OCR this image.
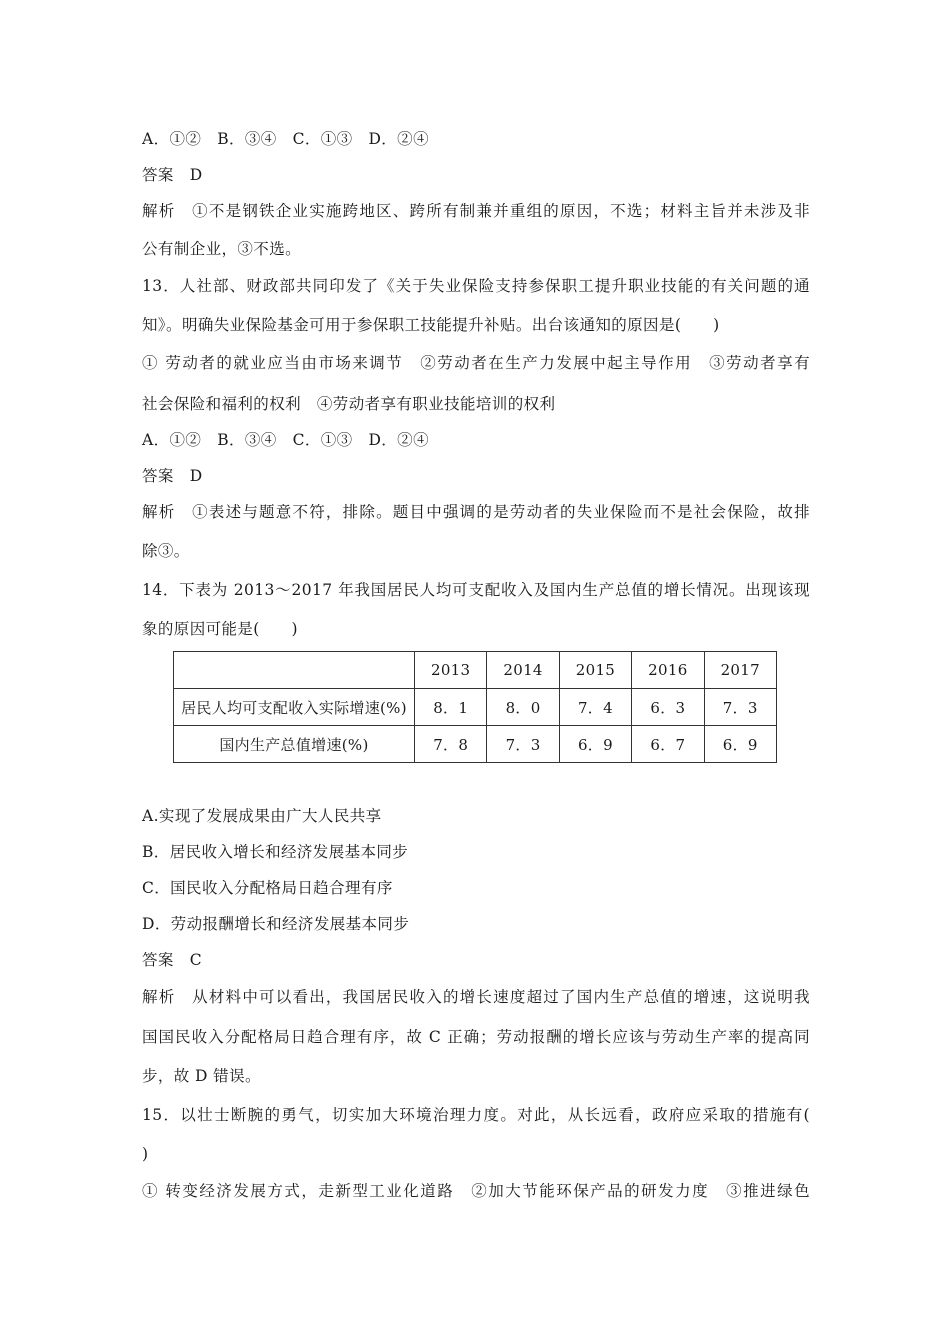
A．①②　B．③④　C．①③　D．②④
答案　D
解析　①不是钢铁企业实施跨地区、跨所有制兼并重组的原因，不选；材料主旨并未涉及非
公有制企业，③不选。
13．人社部、财政部共同印发了《关于失业保险支持参保职工提升职业技能的有关问题的通
知》。明确失业保险基金可用于参保职工技能提升补贴。出台该通知的原因是(　　)
① 劳动者的就业应当由市场来调节　②劳动者在生产力发展中起主导作用　③劳动者享有
社会保险和福利的权利　④劳动者享有职业技能培训的权利
A．①②　B．③④　C．①③　D．②④
答案　D
解析　①表述与题意不符，排除。题目中强调的是劳动者的失业保险而不是社会保险，故排
除③。
14．下表为 2013～2017 年我国居民人均可支配收入及国内生产总值的增长情况。出现该现
象的原因可能是(　　)
	2013	2014	2015	2016	2017
居民人均可支配收入实际增速(%)	8．1	8．0	7．4	6．3	7．3
国内生产总值增速(%)	7．8	7．3	6．9	6．7	6．9
A.实现了发展成果由广大人民共享
B．居民收入增长和经济发展基本同步
C．国民收入分配格局日趋合理有序
D．劳动报酬增长和经济发展基本同步
答案　C
解析　从材料中可以看出，我国居民收入的增长速度超过了国内生产总值的增速，这说明我
国国民收入分配格局日趋合理有序，故 C 正确；劳动报酬的增长应该与劳动生产率的提高同
步，故 D 错误。
15．以壮士断腕的勇气，切实加大环境治理力度。对此，从长远看，政府应采取的措施有(
)
① 转变经济发展方式，走新型工业化道路　②加大节能环保产品的研发力度　③推进绿色
